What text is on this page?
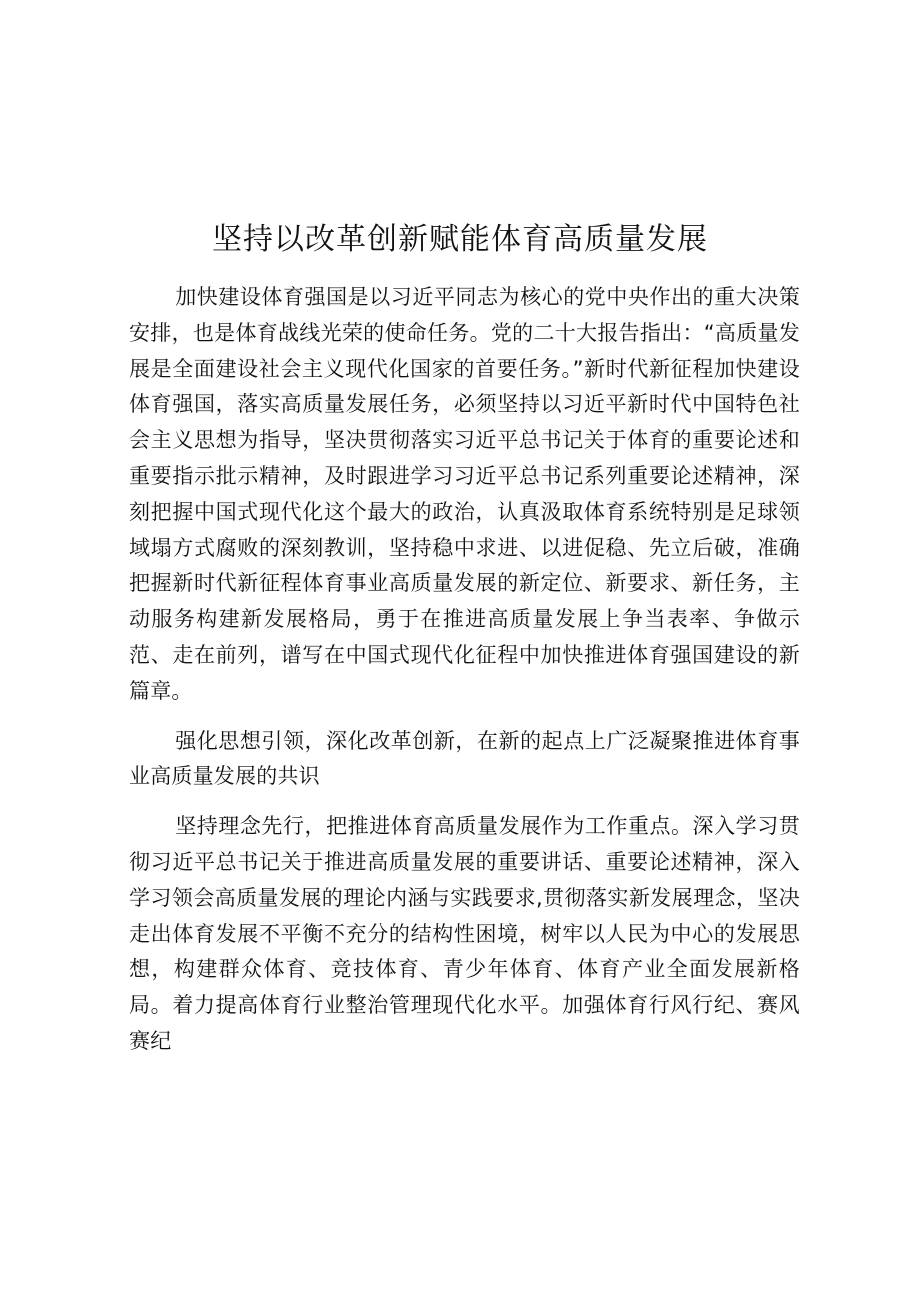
坚持以改革创新赋能体育高质量发展

加快建设体育强国是以习近平同志为核心的党中央作出的重大决策安排，也是体育战线光荣的使命任务。党的二十大报告指出：“高质量发展是全面建设社会主义现代化国家的首要任务。”新时代新征程加快建设体育强国，落实高质量发展任务，必须坚持以习近平新时代中国特色社会主义思想为指导，坚决贯彻落实习近平总书记关于体育的重要论述和重要指示批示精神，及时跟进学习习近平总书记系列重要论述精神，深刻把握中国式现代化这个最大的政治，认真汲取体育系统特别是足球领域塌方式腐败的深刻教训，坚持稳中求进、以进促稳、先立后破，准确把握新时代新征程体育事业高质量发展的新定位、新要求、新任务，主动服务构建新发展格局，勇于在推进高质量发展上争当表率、争做示范、走在前列，谱写在中国式现代化征程中加快推进体育强国建设的新篇章。

强化思想引领，深化改革创新，在新的起点上广泛凝聚推进体育事业高质量发展的共识

坚持理念先行，把推进体育高质量发展作为工作重点。深入学习贯彻习近平总书记关于推进高质量发展的重要讲话、重要论述精神，深入学习领会高质量发展的理论内涵与实践要求,贯彻落实新发展理念，坚决走出体育发展不平衡不充分的结构性困境，树牢以人民为中心的发展思想，构建群众体育、竞技体育、青少年体育、体育产业全面发展新格局。着力提高体育行业整治管理现代化水平。加强体育行风行纪、赛风赛纪
